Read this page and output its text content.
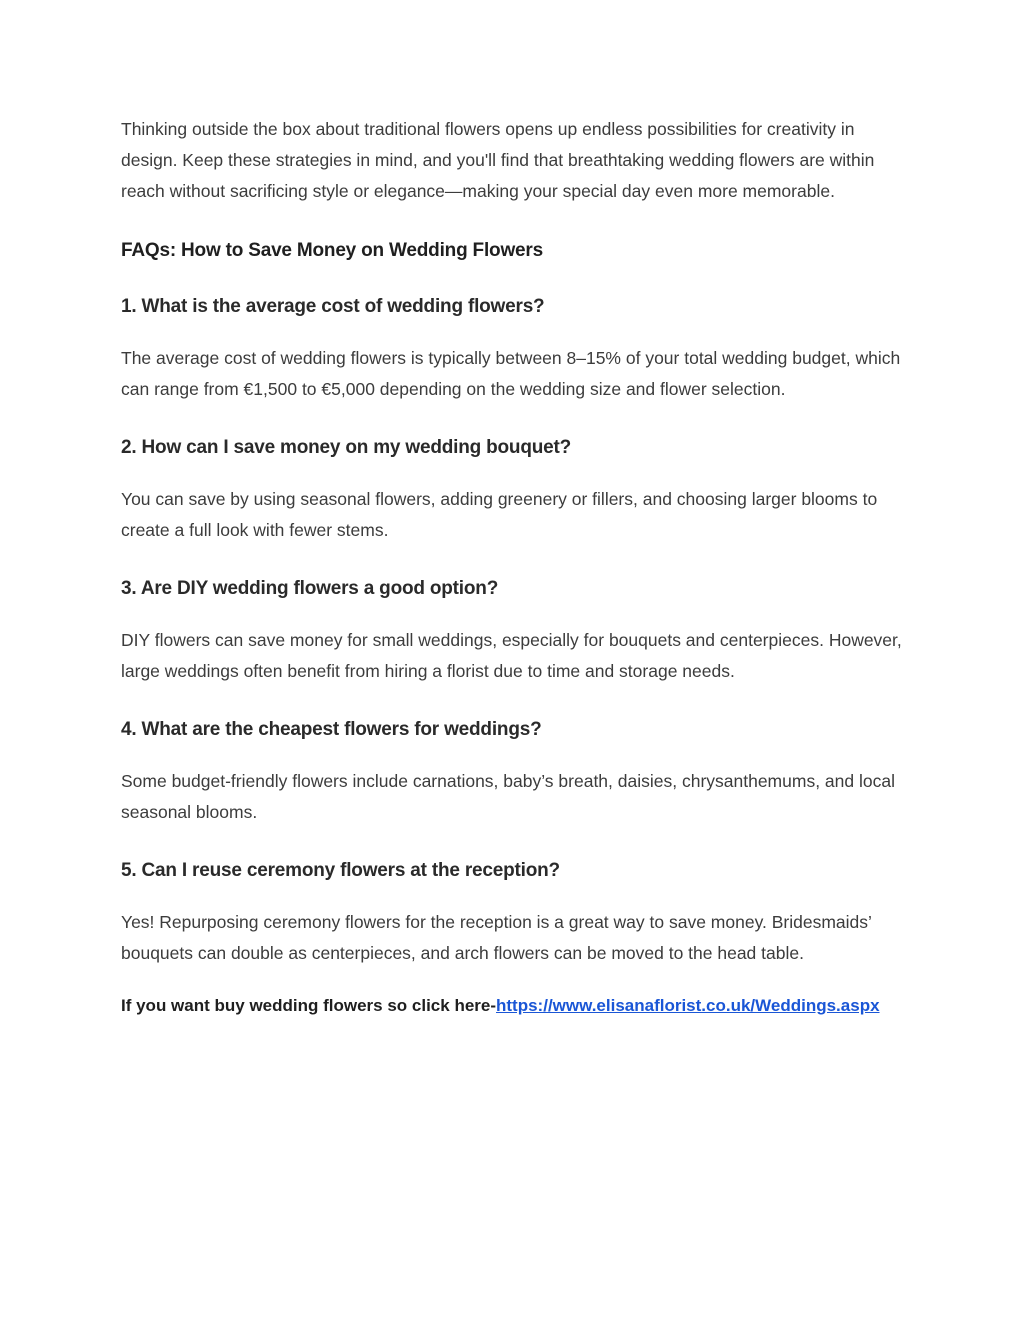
Thinking outside the box about traditional flowers opens up endless possibilities for creativity in design. Keep these strategies in mind, and you'll find that breathtaking wedding flowers are within reach without sacrificing style or elegance—making your special day even more memorable.

FAQs: How to Save Money on Wedding Flowers
1. What is the average cost of wedding flowers?

The average cost of wedding flowers is typically between 8–15% of your total wedding budget, which can range from €1,500 to €5,000 depending on the wedding size and flower selection.

2. How can I save money on my wedding bouquet?

You can save by using seasonal flowers, adding greenery or fillers, and choosing larger blooms to create a full look with fewer stems.

3. Are DIY wedding flowers a good option?

DIY flowers can save money for small weddings, especially for bouquets and centerpieces. However, large weddings often benefit from hiring a florist due to time and storage needs.

4. What are the cheapest flowers for weddings?

Some budget-friendly flowers include carnations, baby’s breath, daisies, chrysanthemums, and local seasonal blooms.

5. Can I reuse ceremony flowers at the reception?

Yes! Repurposing ceremony flowers for the reception is a great way to save money. Bridesmaids’ bouquets can double as centerpieces, and arch flowers can be moved to the head table.

If you want buy wedding flowers so click here-https://www.elisanaflorist.co.uk/Weddings.aspx
